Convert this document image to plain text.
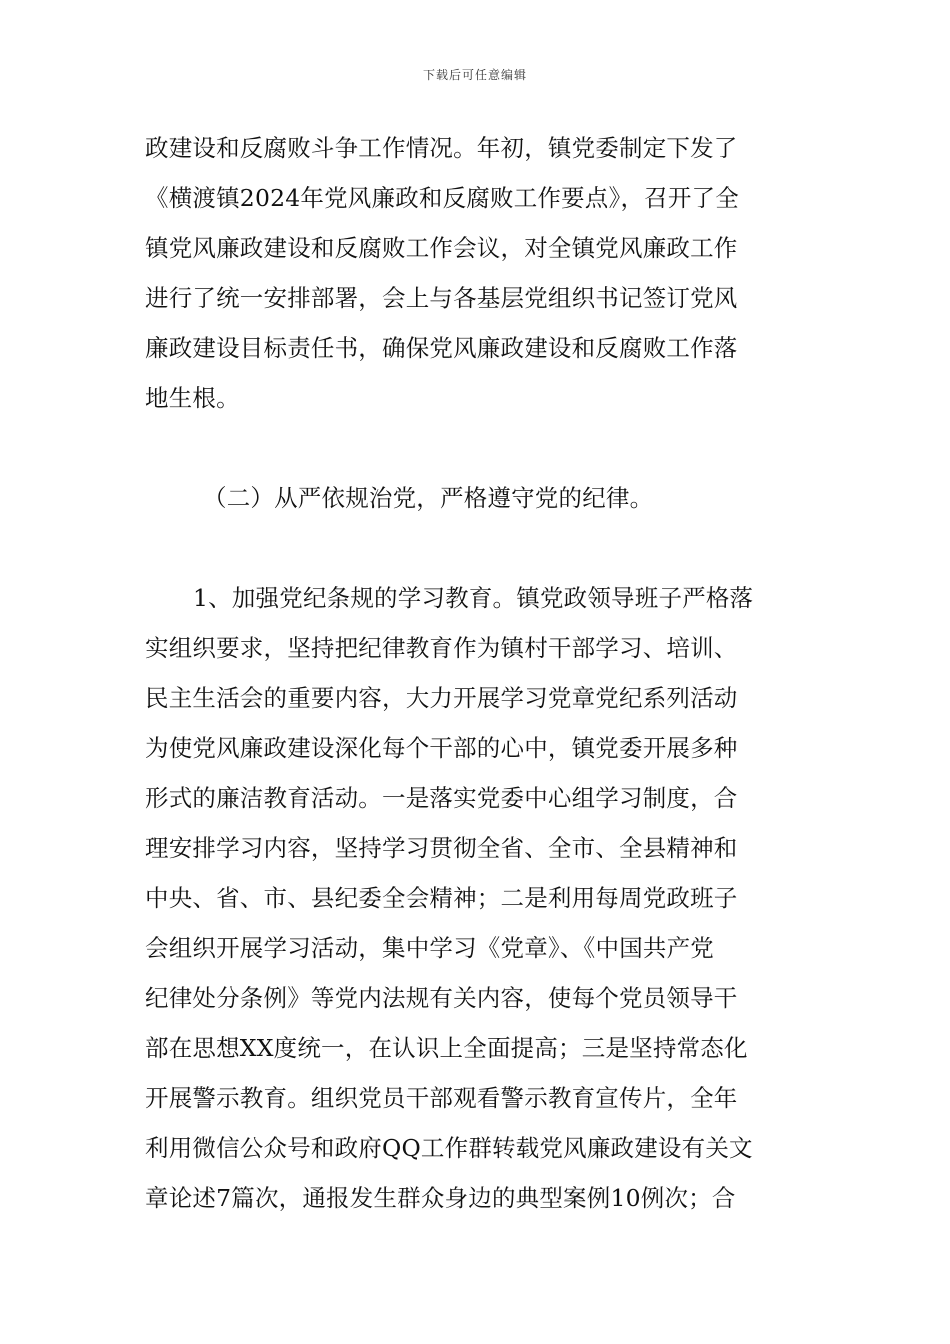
下载后可任意编辑
政建设和反腐败斗争工作情况。年初，镇党委制定下发了
《横渡镇2024年党风廉政和反腐败工作要点》，召开了全
镇党风廉政建设和反腐败工作会议，对全镇党风廉政工作
进行了统一安排部署，会上与各基层党组织书记签订党风
廉政建设目标责任书，确保党风廉政建设和反腐败工作落
地生根。
（二）从严依规治党，严格遵守党的纪律。
1、加强党纪条规的学习教育。镇党政领导班子严格落
实组织要求，坚持把纪律教育作为镇村干部学习、培训、
民主生活会的重要内容，大力开展学习党章党纪系列活动
为使党风廉政建设深化每个干部的心中，镇党委开展多种
形式的廉洁教育活动。一是落实党委中心组学习制度，合
理安排学习内容，坚持学习贯彻全省、全市、全县精神和
中央、省、市、县纪委全会精神；二是利用每周党政班子
会组织开展学习活动，集中学习《党章》、《中国共产党
纪律处分条例》等党内法规有关内容，使每个党员领导干
部在思想XX度统一，在认识上全面提高；三是坚持常态化
开展警示教育。组织党员干部观看警示教育宣传片，全年
利用微信公众号和政府QQ工作群转载党风廉政建设有关文
章论述7篇次，通报发生群众身边的典型案例10例次；合
